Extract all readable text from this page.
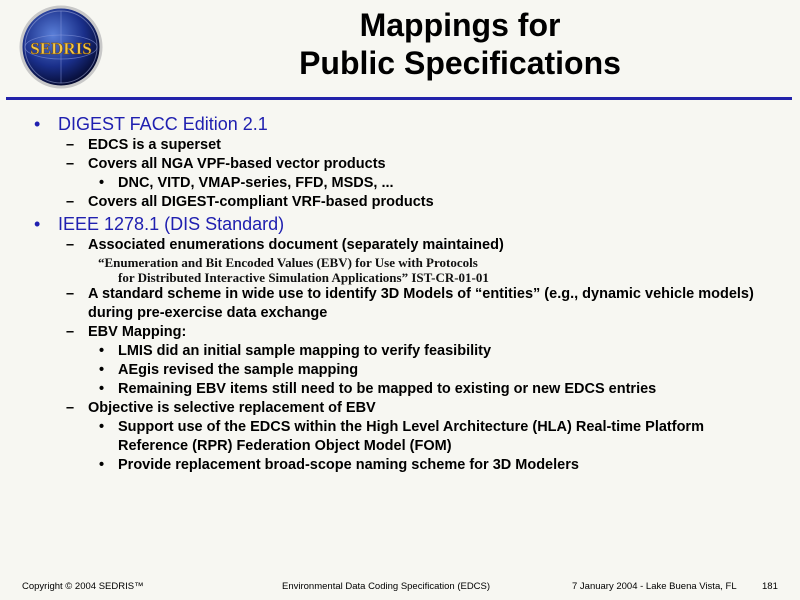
SEDRIS
Mappings for
Public Specifications
• DIGEST FACC Edition 2.1
– EDCS is a superset
– Covers all NGA VPF-based vector products
• DNC, VITD, VMAP-series, FFD, MSDS, ...
– Covers all DIGEST-compliant VRF-based products
• IEEE 1278.1 (DIS Standard)
– Associated enumerations document (separately maintained)
“Enumeration and Bit Encoded Values (EBV) for Use with Protocols
for Distributed Interactive Simulation Applications” IST-CR-01-01
– A standard scheme in wide use to identify 3D Models of “entities” (e.g., dynamic vehicle models) during pre-exercise data exchange
– EBV Mapping:
• LMIS did an initial sample mapping to verify feasibility
• AEgis revised the sample mapping
• Remaining EBV items still need to be mapped to existing or new EDCS entries
– Objective is selective replacement of EBV
• Support use of the EDCS within the High Level Architecture (HLA) Real-time Platform Reference (RPR) Federation Object Model (FOM)
• Provide replacement broad-scope naming scheme for 3D Modelers
Copyright © 2004 SEDRIS™	Environmental Data Coding Specification (EDCS)	7 January 2004 - Lake Buena Vista, FL	181
